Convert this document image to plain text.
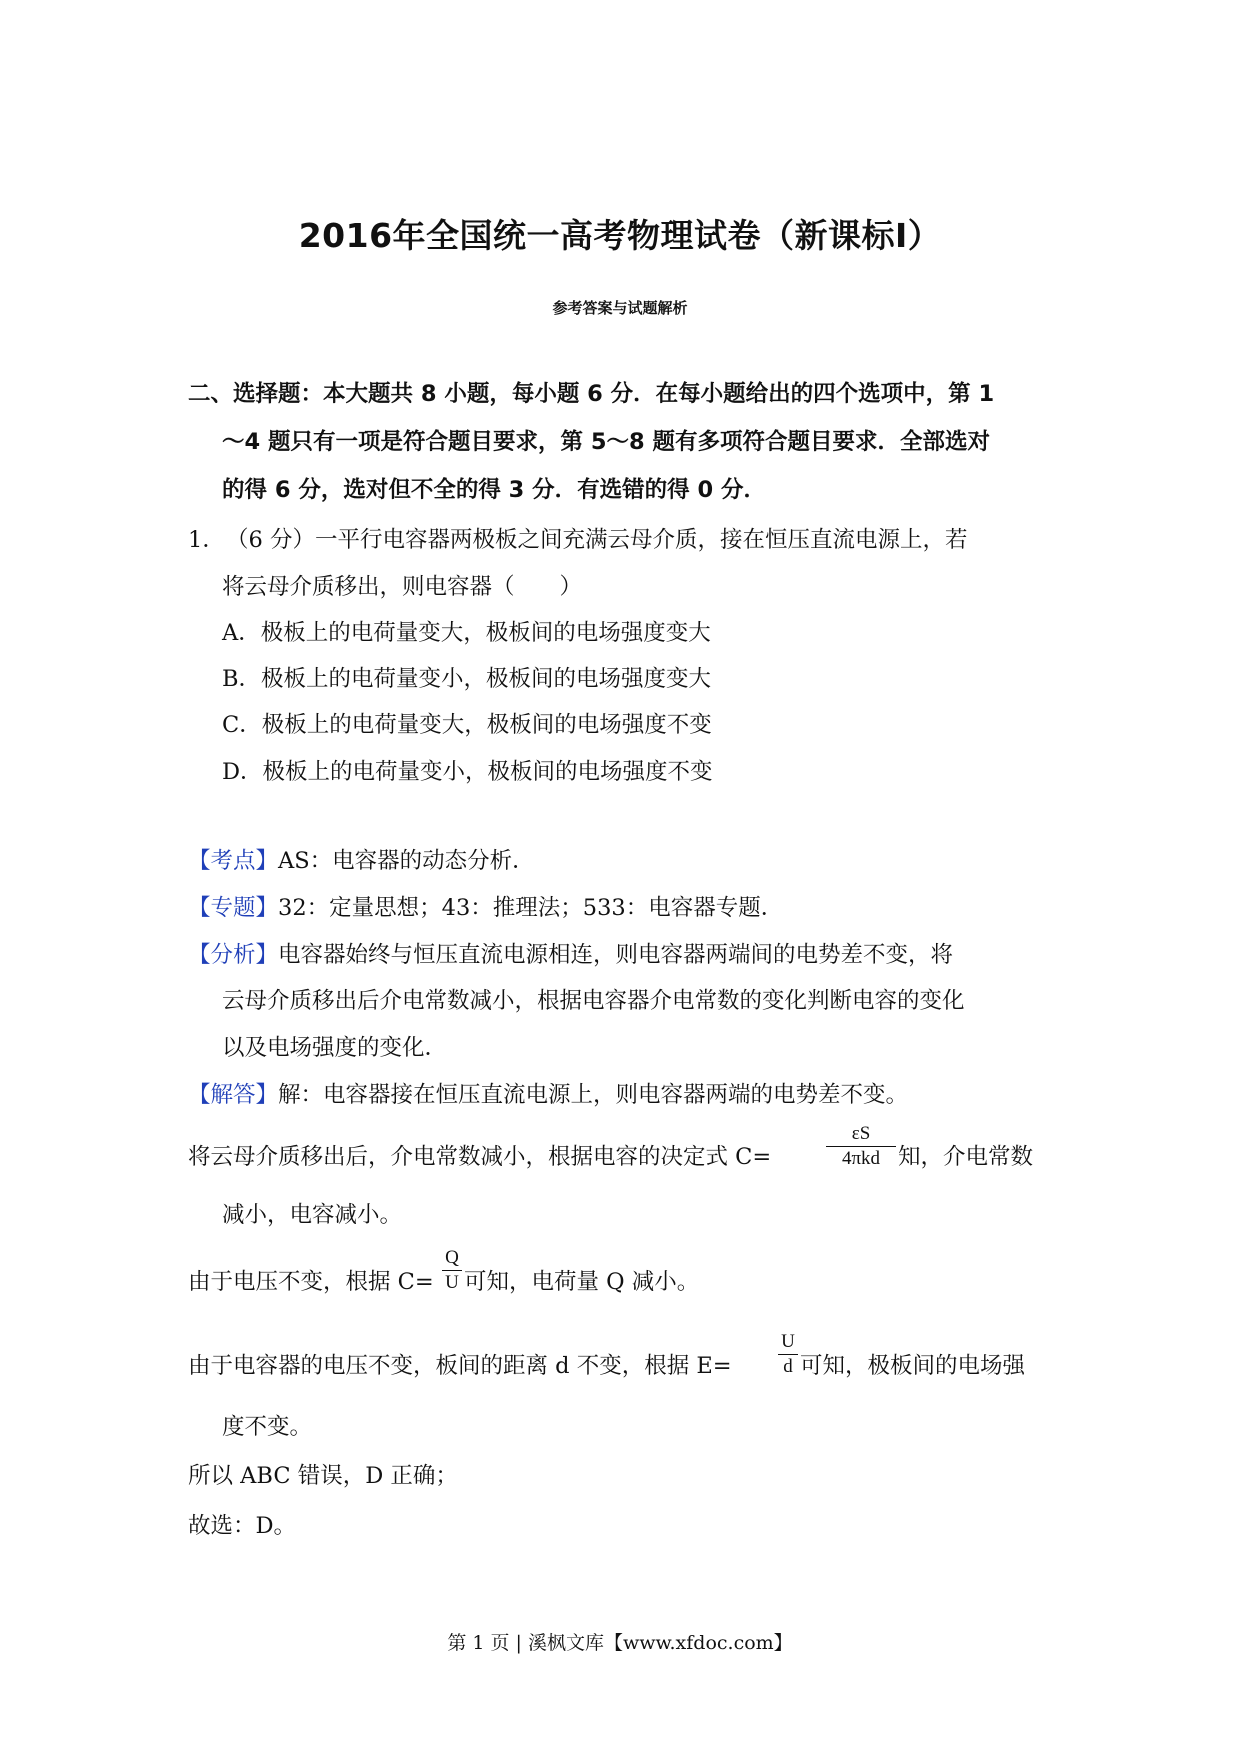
2016年全国统一高考物理试卷（新课标Ⅰ）
参考答案与试题解析
二、选择题：本大题共 8 小题，每小题 6 分．在每小题给出的四个选项中，第 1
～4 题只有一项是符合题目要求，第 5～8 题有多项符合题目要求．全部选对
的得 6 分，选对但不全的得 3 分．有选错的得 0 分．
1． （6 分）一平行电容器两极板之间充满云母介质，接在恒压直流电源上，若
将云母介质移出，则电容器（　　）
A．极板上的电荷量变大，极板间的电场强度变大
B．极板上的电荷量变小，极板间的电场强度变大
C．极板上的电荷量变大，极板间的电场强度不变
D．极板上的电荷量变小，极板间的电场强度不变
【考点】AS：电容器的动态分析．
【专题】32：定量思想；43：推理法；533：电容器专题．
【分析】电容器始终与恒压直流电源相连，则电容器两端间的电势差不变，将
云母介质移出后介电常数减小，根据电容器介电常数的变化判断电容的变化
以及电场强度的变化．
【解答】解：电容器接在恒压直流电源上，则电容器两端的电势差不变。
将云母介质移出后，介电常数减小，根据电容的决定式 C=
εS
4πkd 知，介电常数
减小，电容减小。
由于电压不变，根据 $C= \frac{Q}{U}$ 可知，电荷量 Q 减小。
由于电容器的电压不变，板间的距离 d 不变，根据 $E= \frac{U}{d}$ 可知，极板间的电场强
度不变。
所以 ABC 错误，D 正确；
故选：D。
第 1 页 | 溪枫文库【www.xfdoc.com】
